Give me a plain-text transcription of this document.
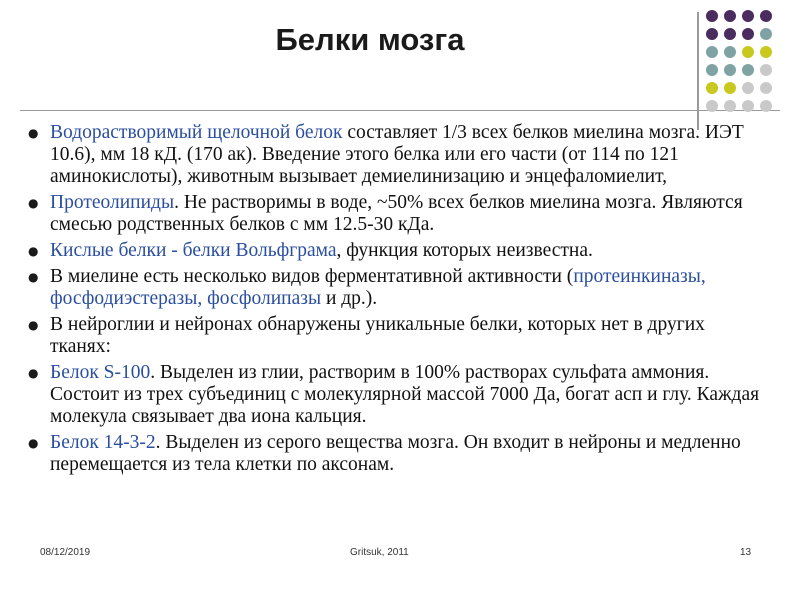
Белки мозга
● Водорастворимый щелочной белок составляет 1/3 всех белков миелина мозга. ИЭТ 10.6), мм 18 кД. (170 ак). Введение этого белка или его части (от 114 по 121 аминокислоты), животным вызывает демиелинизацию и энцефаломиелит,
● Протеолипиды. Не растворимы в воде, ~50% всех белков миелина мозга. Являются смесью родственных белков с мм 12.5-30 кДа.
● Кислые белки - белки Вольфграма, функция которых неизвестна.
● В миелине есть несколько видов ферментативной активности (протеинкиназы, фосфодиэстеразы, фосфолипазы и др.).
● В нейроглии и нейронах обнаружены уникальные белки, которых нет в других тканях:
● Белок S-100. Выделен из глии, растворим в 100% растворах сульфата аммония. Состоит из трех субъединиц с молекулярной массой 7000 Да, богат асп и глу. Каждая молекула связывает два иона кальция.
● Белок 14-3-2. Выделен из серого вещества мозга. Он входит в нейроны и медленно перемещается из тела клетки по аксонам.
08/12/2019	Gritsuk, 2011	13
